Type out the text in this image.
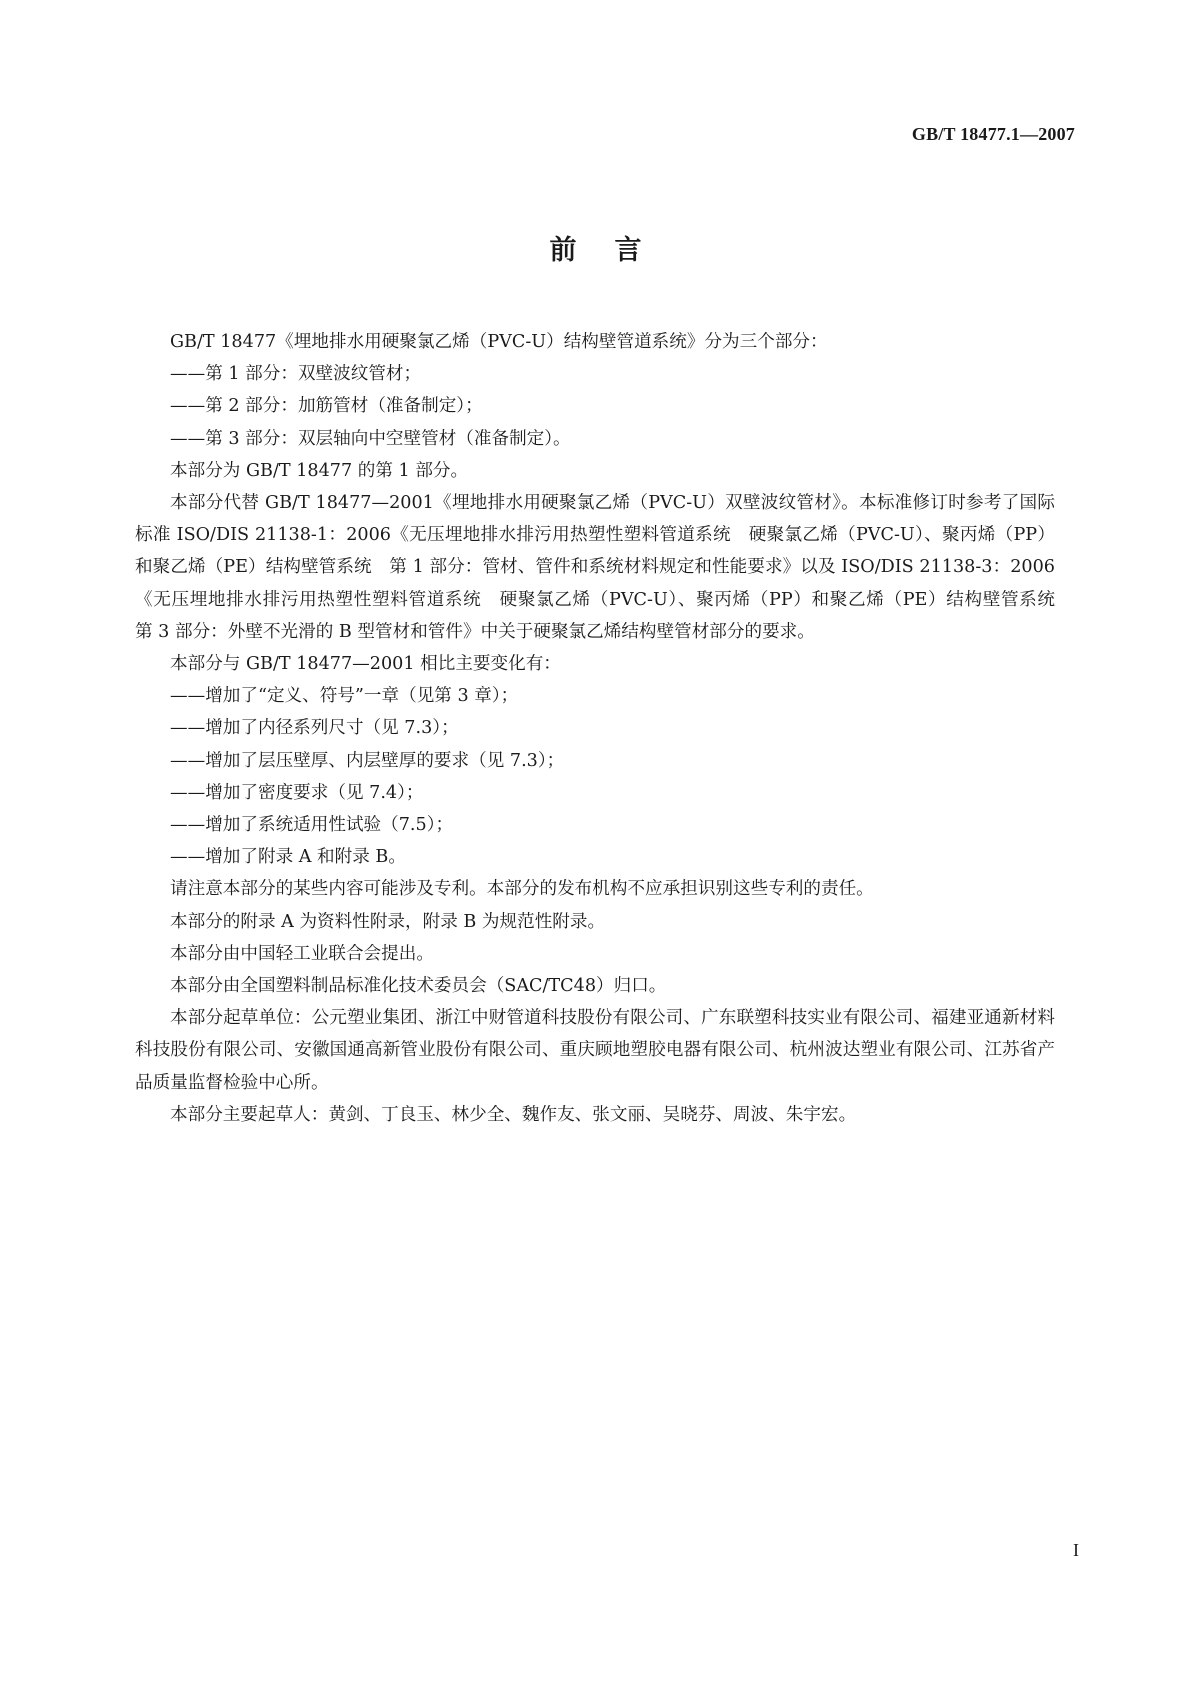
GB/T 18477.1—2007
前言

GB/T 18477《埋地排水用硬聚氯乙烯（PVC-U）结构壁管道系统》分为三个部分：

——第 1 部分：双壁波纹管材；

——第 2 部分：加筋管材（准备制定）；

——第 3 部分：双层轴向中空壁管材（准备制定）。

本部分为 GB/T 18477 的第 1 部分。

本部分代替 GB/T 18477—2001《埋地排水用硬聚氯乙烯（PVC-U）双壁波纹管材》。本标准修订时参考了国际标准 ISO/DIS 21138-1：2006《无压埋地排水排污用热塑性塑料管道系统　硬聚氯乙烯（PVC-U）、聚丙烯（PP）和聚乙烯（PE）结构壁管系统　第 1 部分：管材、管件和系统材料规定和性能要求》以及 ISO/DIS 21138-3：2006《无压埋地排水排污用热塑性塑料管道系统　硬聚氯乙烯（PVC-U）、聚丙烯（PP）和聚乙烯（PE）结构壁管系统　第 3 部分：外壁不光滑的 B 型管材和管件》中关于硬聚氯乙烯结构壁管材部分的要求。

本部分与 GB/T 18477—2001 相比主要变化有：

——增加了“定义、符号”一章（见第 3 章）；

——增加了内径系列尺寸（见 7.3）；

——增加了层压壁厚、内层壁厚的要求（见 7.3）；

——增加了密度要求（见 7.4）；

——增加了系统适用性试验（7.5）；

——增加了附录 A 和附录 B。

请注意本部分的某些内容可能涉及专利。本部分的发布机构不应承担识别这些专利的责任。

本部分的附录 A 为资料性附录，附录 B 为规范性附录。

本部分由中国轻工业联合会提出。

本部分由全国塑料制品标准化技术委员会（SAC/TC48）归口。

本部分起草单位：公元塑业集团、浙江中财管道科技股份有限公司、广东联塑科技实业有限公司、福建亚通新材料科技股份有限公司、安徽国通高新管业股份有限公司、重庆顾地塑胶电器有限公司、杭州波达塑业有限公司、江苏省产品质量监督检验中心所。

本部分主要起草人：黄剑、丁良玉、林少全、魏作友、张文丽、吴晓芬、周波、朱宇宏。

I
